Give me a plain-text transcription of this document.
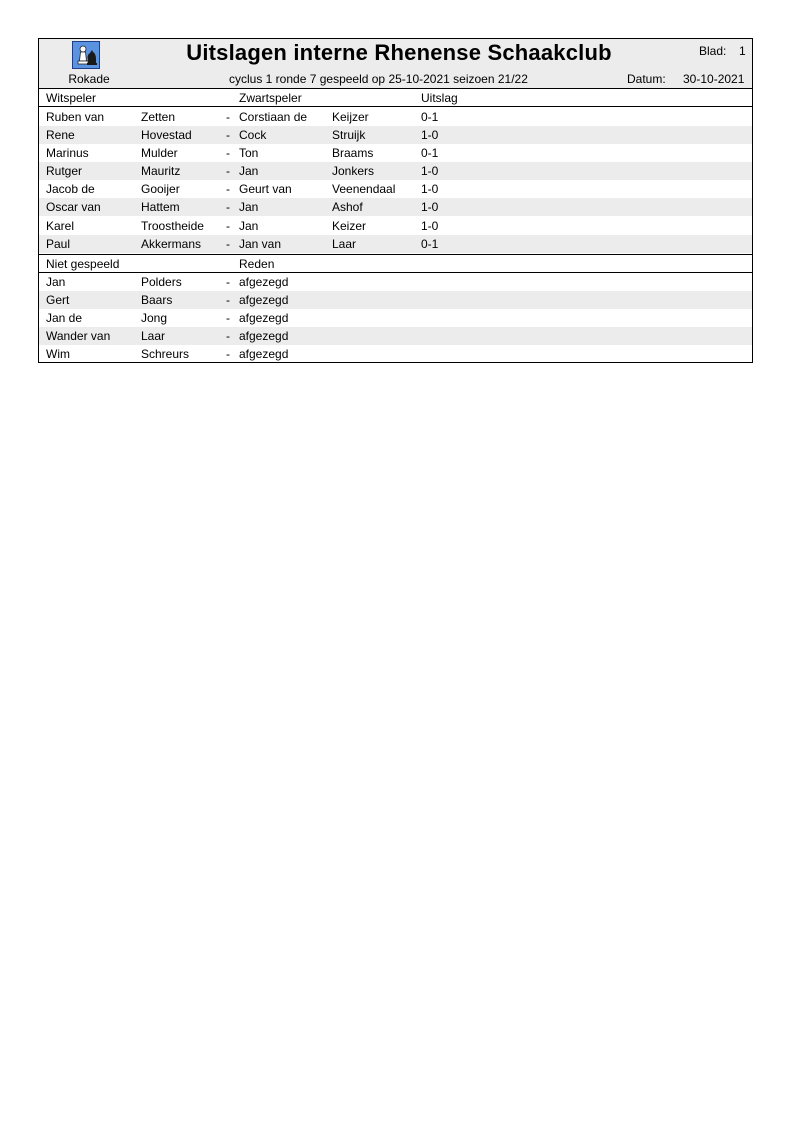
Rokade
Uitslagen interne Rhenense Schaakclub
cyclus 1 ronde 7 gespeeld op 25-10-2021 seizoen 21/22
Blad: 1
Datum: 30-10-2021
Witspeler	Zwartspeler	Uitslag
Ruben van	Zetten	- Corstiaan de Keijzer	0-1
Rene	Hovestad	- Cock	Struijk	1-0
Marinus	Mulder	- Ton	Braams	0-1
Rutger	Mauritz	- Jan	Jonkers	1-0
Jacob de	Gooijer	- Geurt van	Veenendaal 1-0
Oscar van	Hattem	- Jan	Ashof	1-0
Karel	Troostheide - Jan	Keizer	1-0
Paul	Akkermans - Jan van	Laar	0-1
Niet gespeeld	Reden
Jan	Polders	- afgezegd
Gert	Baars	- afgezegd
Jan de	Jong	- afgezegd
Wander van	Laar	- afgezegd
Wim	Schreurs	- afgezegd
